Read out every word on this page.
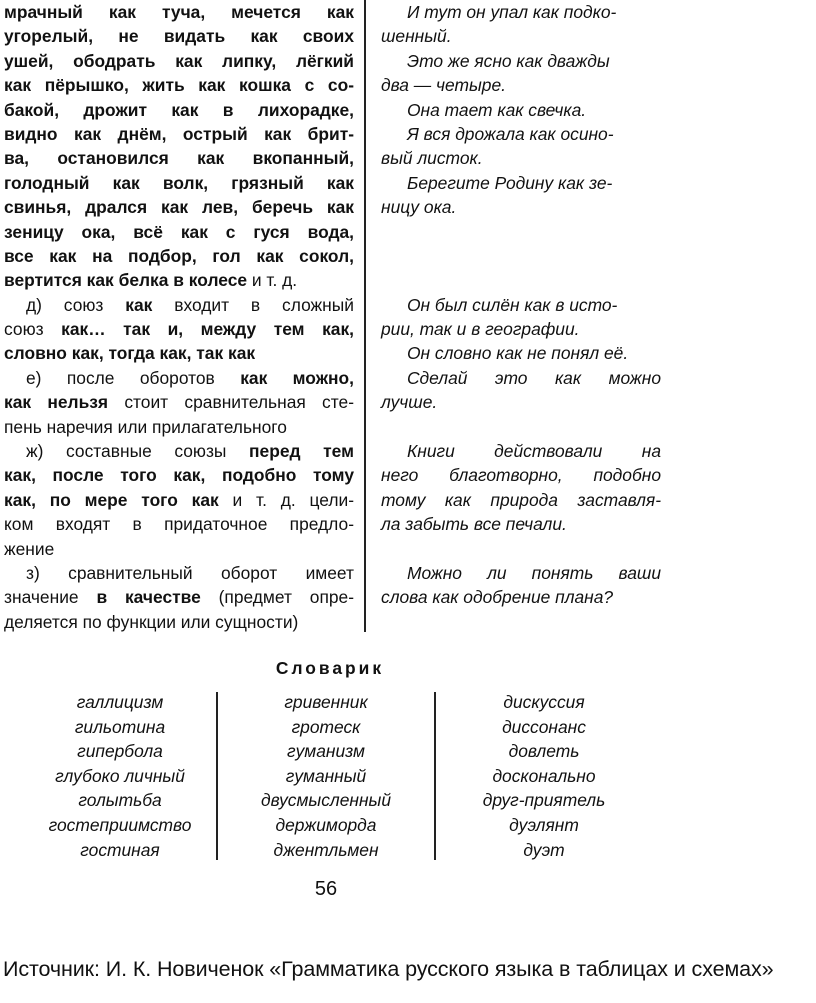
мрачный как туча, мечется как
угорелый, не видать как своих
ушей, ободрать как липку, лёгкий
как пёрышко, жить как кошка с со-
бакой, дрожит как в лихорадке,
видно как днём, острый как брит-
ва, остановился как вкопанный,
голодный как волк, грязный как
свинья, дрался как лев, беречь как
зеницу ока, всё как с гуся вода,
все как на подбор, гол как сокол,
вертится как белка в колесе и т. д.
д) союз как входит в сложный
союз как… так и, между тем как,
словно как, тогда как, так как
е) после оборотов как можно,
как нельзя стоит сравнительная сте-
пень наречия или прилагательного
ж) составные союзы перед тем
как, после того как, подобно тому
как, по мере того как и т. д. цели-
ком входят в придаточное предло-
жение
з) сравнительный оборот имеет
значение в качестве (предмет опре-
деляется по функции или сущности)
И тут он упал как подко-
шенный.
Это же ясно как дважды
два — четыре.
Она тает как свечка.
Я вся дрожала как осино-
вый листок.
Берегите Родину как зе-
ницу ока.
Он был силён как в исто-
рии, так и в географии.
Он словно как не понял её.
Сделай это как можно
лучше.
Книги действовали на
него благотворно, подобно
тому как природа заставля-
ла забыть все печали.
Можно ли понять ваши
слова как одобрение плана?
Словарик
галлицизм
гильотина
гипербола
глубоко личный
голытьба
гостеприимство
гостиная
гривенник
гротеск
гуманизм
гуманный
двусмысленный
держиморда
джентльмен
дискуссия
диссонанс
довлеть
досконально
друг-приятель
дуэлянт
дуэт
56
Источник: И. К. Новиченок «Грамматика русского языка в таблицах и схемах»
